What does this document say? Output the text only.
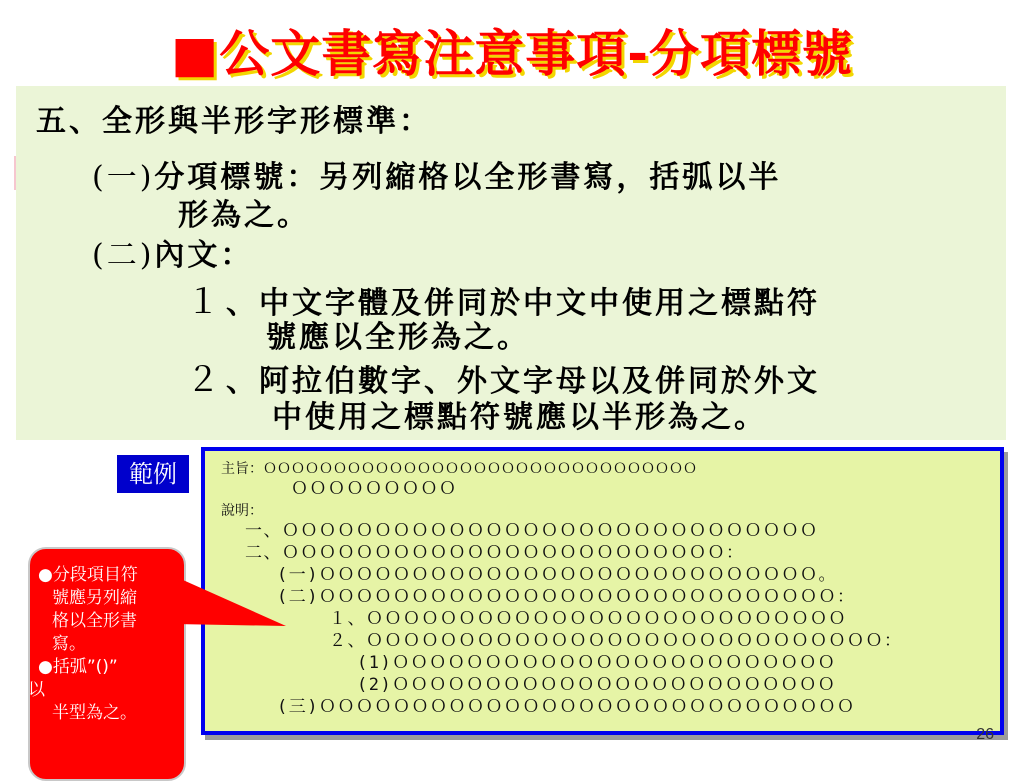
■公文書寫注意事項-分項標號
五、全形與半形字形標準：
(一)分項標號：另列縮格以全形書寫，括弧以半
形為之。
(二)內文：
１、中文字體及併同於中文中使用之標點符
號應以全形為之。
２、阿拉伯數字、外文字母以及併同於外文
中使用之標點符號應以半形為之。
範例	主旨：ＯＯＯＯＯＯＯＯＯＯＯＯＯＯＯＯＯＯＯＯＯＯＯＯＯＯＯＯＯＯＯ
ＯＯＯＯＯＯＯＯＯ
說明：
一、ＯＯＯＯＯＯＯＯＯＯＯＯＯＯＯＯＯＯＯＯＯＯＯＯＯＯＯＯＯ
二、ＯＯＯＯＯＯＯＯＯＯＯＯＯＯＯＯＯＯＯＯＯＯＯＯ：
(一)ＯＯＯＯＯＯＯＯＯＯＯＯＯＯＯＯＯＯＯＯＯＯＯＯＯＯＯ。
(二)ＯＯＯＯＯＯＯＯＯＯＯＯＯＯＯＯＯＯＯＯＯＯＯＯＯＯＯＯ：
１、ＯＯＯＯＯＯＯＯＯＯＯＯＯＯＯＯＯＯＯＯＯＯＯＯＯＯ
２、ＯＯＯＯＯＯＯＯＯＯＯＯＯＯＯＯＯＯＯＯＯＯＯＯＯＯＯＯ：
(1)ＯＯＯＯＯＯＯＯＯＯＯＯＯＯＯＯＯＯＯＯＯＯＯＯ
(2)ＯＯＯＯＯＯＯＯＯＯＯＯＯＯＯＯＯＯＯＯＯＯＯＯ
(三)ＯＯＯＯＯＯＯＯＯＯＯＯＯＯＯＯＯＯＯＯＯＯＯＯＯＯＯＯＯ
●分段項目符
號應另列縮
格以全形書
寫。
●括弧”()”
以
半型為之。
26
